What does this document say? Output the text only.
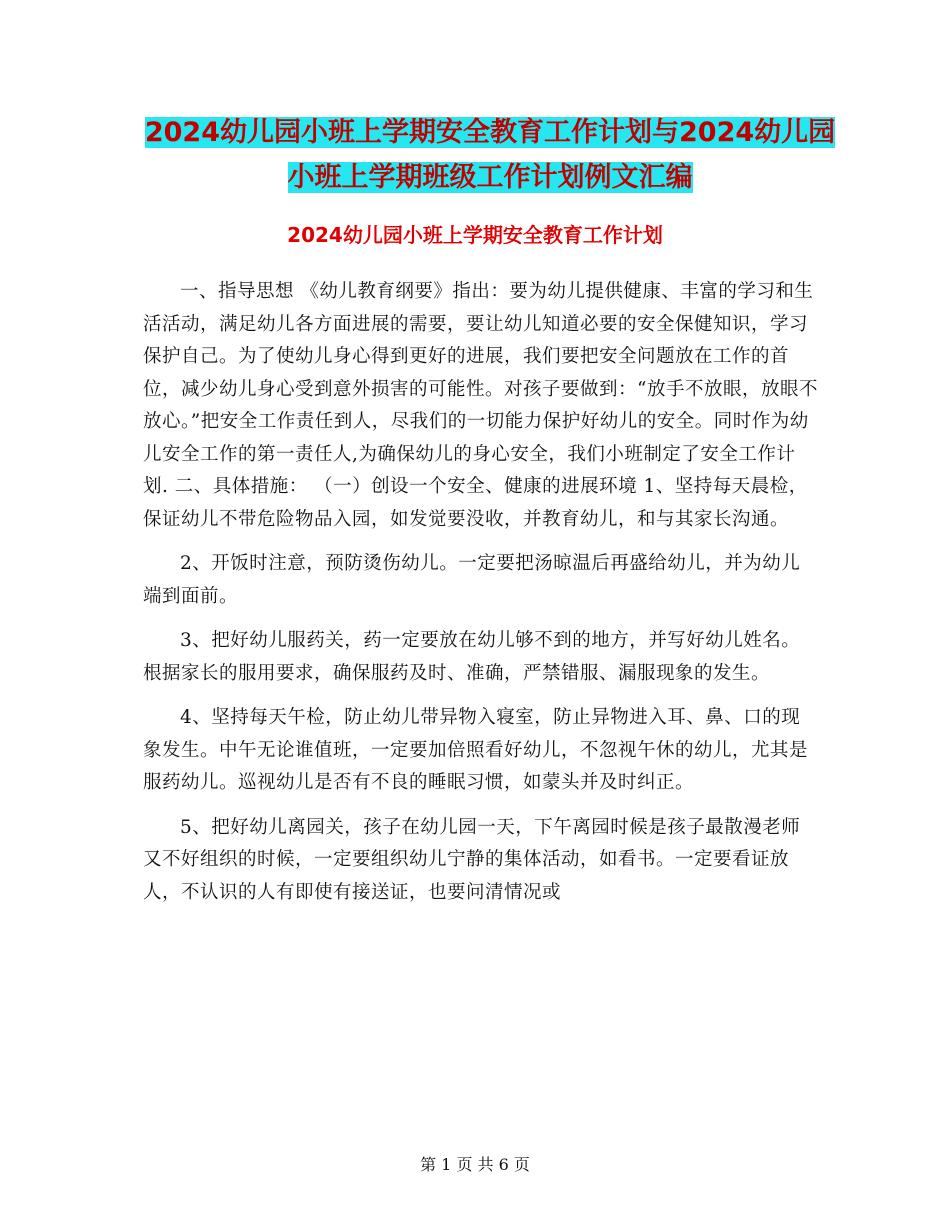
2024幼儿园小班上学期安全教育工作计划与2024幼儿园小班上学期班级工作计划例文汇编
2024幼儿园小班上学期安全教育工作计划

一、指导思想 《幼儿教育纲要》指出：要为幼儿提供健康、丰富的学习和生活活动，满足幼儿各方面进展的需要，要让幼儿知道必要的安全保健知识，学习保护自己。为了使幼儿身心得到更好的进展，我们要把安全问题放在工作的首位，减少幼儿身心受到意外损害的可能性。对孩子要做到：“放手不放眼，放眼不放心。”把安全工作责任到人，尽我们的一切能力保护好幼儿的安全。同时作为幼儿安全工作的第一责任人,为确保幼儿的身心安全，我们小班制定了安全工作计划. 二、具体措施： （一）创设一个安全、健康的进展环境 1、坚持每天晨检，保证幼儿不带危险物品入园，如发觉要没收，并教育幼儿，和与其家长沟通。

2、开饭时注意，预防烫伤幼儿。一定要把汤晾温后再盛给幼儿，并为幼儿端到面前。

3、把好幼儿服药关，药一定要放在幼儿够不到的地方，并写好幼儿姓名。根据家长的服用要求，确保服药及时、准确，严禁错服、漏服现象的发生。

4、坚持每天午检，防止幼儿带异物入寝室，防止异物进入耳、鼻、口的现象发生。中午无论谁值班，一定要加倍照看好幼儿，不忽视午休的幼儿，尤其是服药幼儿。巡视幼儿是否有不良的睡眠习惯，如蒙头并及时纠正。

5、把好幼儿离园关，孩子在幼儿园一天，下午离园时候是孩子最散漫老师又不好组织的时候，一定要组织幼儿宁静的集体活动，如看书。一定要看证放人，不认识的人有即使有接送证，也要问清情况或

第 1 页 共 6 页
